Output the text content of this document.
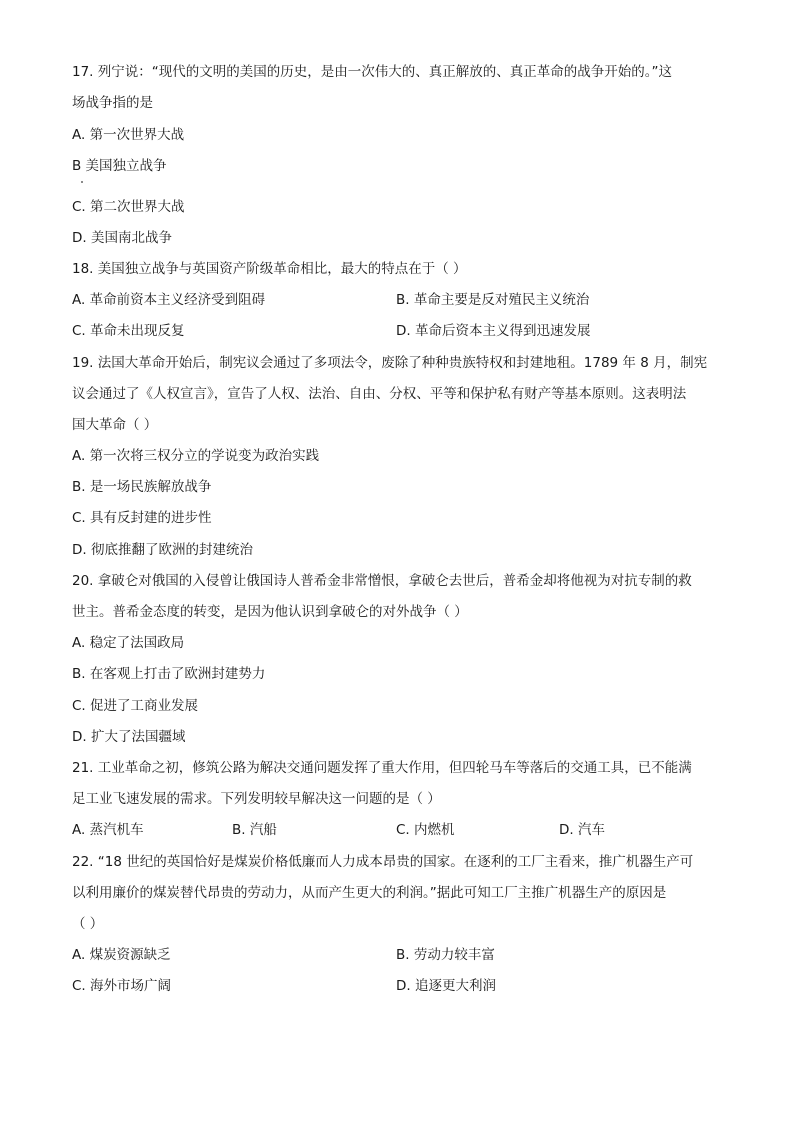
17. 列宁说：“现代的文明的美国的历史，是由一次伟大的、真正解放的、真正革命的战争开始的。”这
场战争指的是
A. 第一次世界大战
B 美国独立战争
C. 第二次世界大战
D. 美国南北战争
18. 美国独立战争与英国资产阶级革命相比，最大的特点在于（ ）
A. 革命前资本主义经济受到阻碍	B. 革命主要是反对殖民主义统治
C. 革命未出现反复	D. 革命后资本主义得到迅速发展
19. 法国大革命开始后，制宪议会通过了多项法令，废除了种种贵族特权和封建地租。1789 年 8 月，制宪
议会通过了《人权宣言》，宣告了人权、法治、自由、分权、平等和保护私有财产等基本原则。这表明法
国大革命（ ）
A. 第一次将三权分立的学说变为政治实践
B. 是一场民族解放战争
C. 具有反封建的进步性
D. 彻底推翻了欧洲的封建统治
20. 拿破仑对俄国的入侵曾让俄国诗人普希金非常憎恨，拿破仑去世后，普希金却将他视为对抗专制的救
世主。普希金态度的转变，是因为他认识到拿破仑的对外战争（ ）
A. 稳定了法国政局
B. 在客观上打击了欧洲封建势力
C. 促进了工商业发展
D. 扩大了法国疆域
21. 工业革命之初，修筑公路为解决交通问题发挥了重大作用，但四轮马车等落后的交通工具，已不能满
足工业飞速发展的需求。下列发明较早解决这一问题的是（ ）
A. 蒸汽机车	B. 汽船	C. 内燃机	D. 汽车
22. “18 世纪的英国恰好是煤炭价格低廉而人力成本昂贵的国家。在逐利的工厂主看来，推广机器生产可
以利用廉价的煤炭替代昂贵的劳动力，从而产生更大的利润。”据此可知工厂主推广机器生产的原因是
（ ）
A. 煤炭资源缺乏	B. 劳动力较丰富
C. 海外市场广阔	D. 追逐更大利润
